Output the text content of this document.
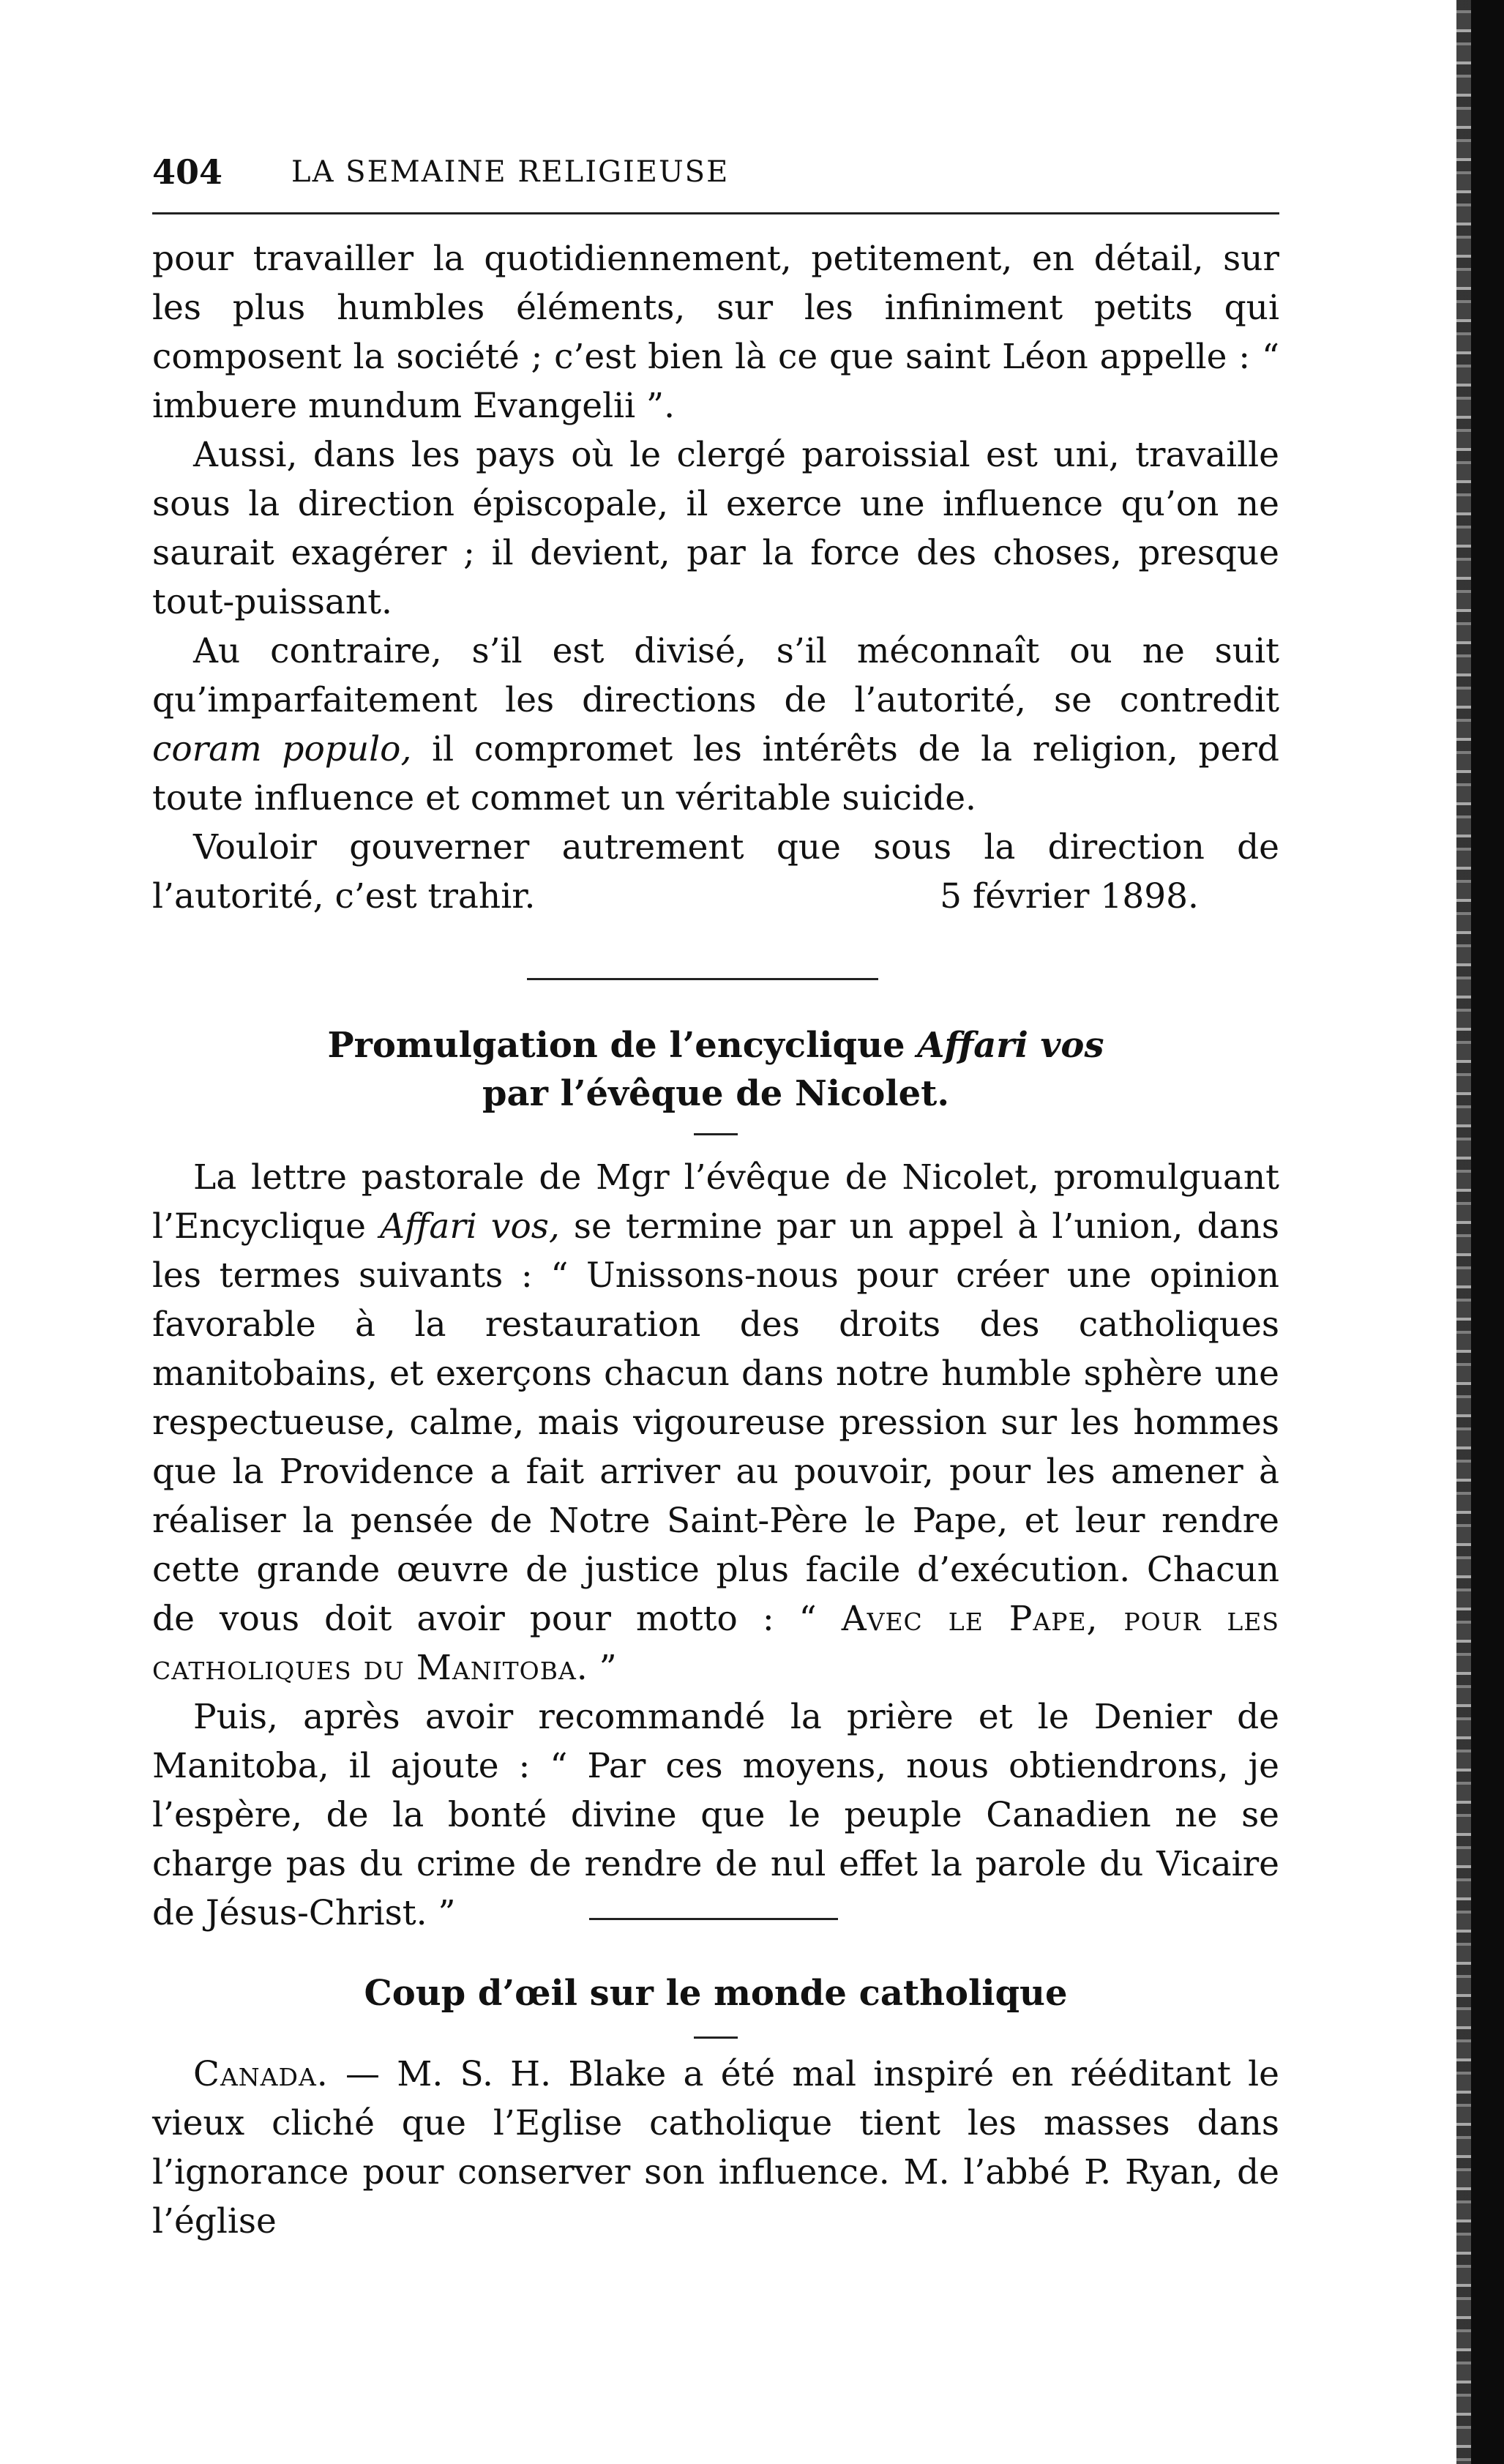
404	LA SEMAINE RELIGIEUSE

pour travailler la quotidiennement, petitement, en détail, sur les plus humbles éléments, sur les infiniment petits qui composent la société ; c’est bien là ce que saint Léon appelle : “ imbuere mundum Evangelii ”.

Aussi, dans les pays où le clergé paroissial est uni, travaille sous la direction épiscopale, il exerce une influence qu’on ne saurait exagérer ; il devient, par la force des choses, presque tout-puissant.

Au contraire, s’il est divisé, s’il méconnaît ou ne suit qu’imparfaitement les directions de l’autorité, se contredit coram populo, il compromet les intérêts de la religion, perd toute influence et commet un véritable suicide.

Vouloir gouverner autrement que sous la direction de l’autorité, c’est trahir.	5 février 1898.

Promulgation de l’encyclique Affari vos
par l’évêque de Nicolet.

La lettre pastorale de Mgr l’évêque de Nicolet, promulguant l’Encyclique Affari vos, se termine par un appel à l’union, dans les termes suivants : “ Unissons-nous pour créer une opinion favorable à la restauration des droits des catholiques manitobains, et exerçons chacun dans notre humble sphère une respectueuse, calme, mais vigoureuse pression sur les hommes que la Providence a fait arriver au pouvoir, pour les amener à réaliser la pensée de Notre Saint-Père le Pape, et leur rendre cette grande œuvre de justice plus facile d’exécution. Chacun de vous doit avoir pour motto : “ Avec le Pape, pour les catholiques du Manitoba. ”

Puis, après avoir recommandé la prière et le Denier de Manitoba, il ajoute : “ Par ces moyens, nous obtiendrons, je l’espère, de la bonté divine que le peuple Canadien ne se charge pas du crime de rendre de nul effet la parole du Vicaire de Jésus-Christ. ”

Coup d’œil sur le monde catholique

Canada. — M. S. H. Blake a été mal inspiré en rééditant le vieux cliché que l’Eglise catholique tient les masses dans l’ignorance pour conserver son influence. M. l’abbé P. Ryan, de l’église
